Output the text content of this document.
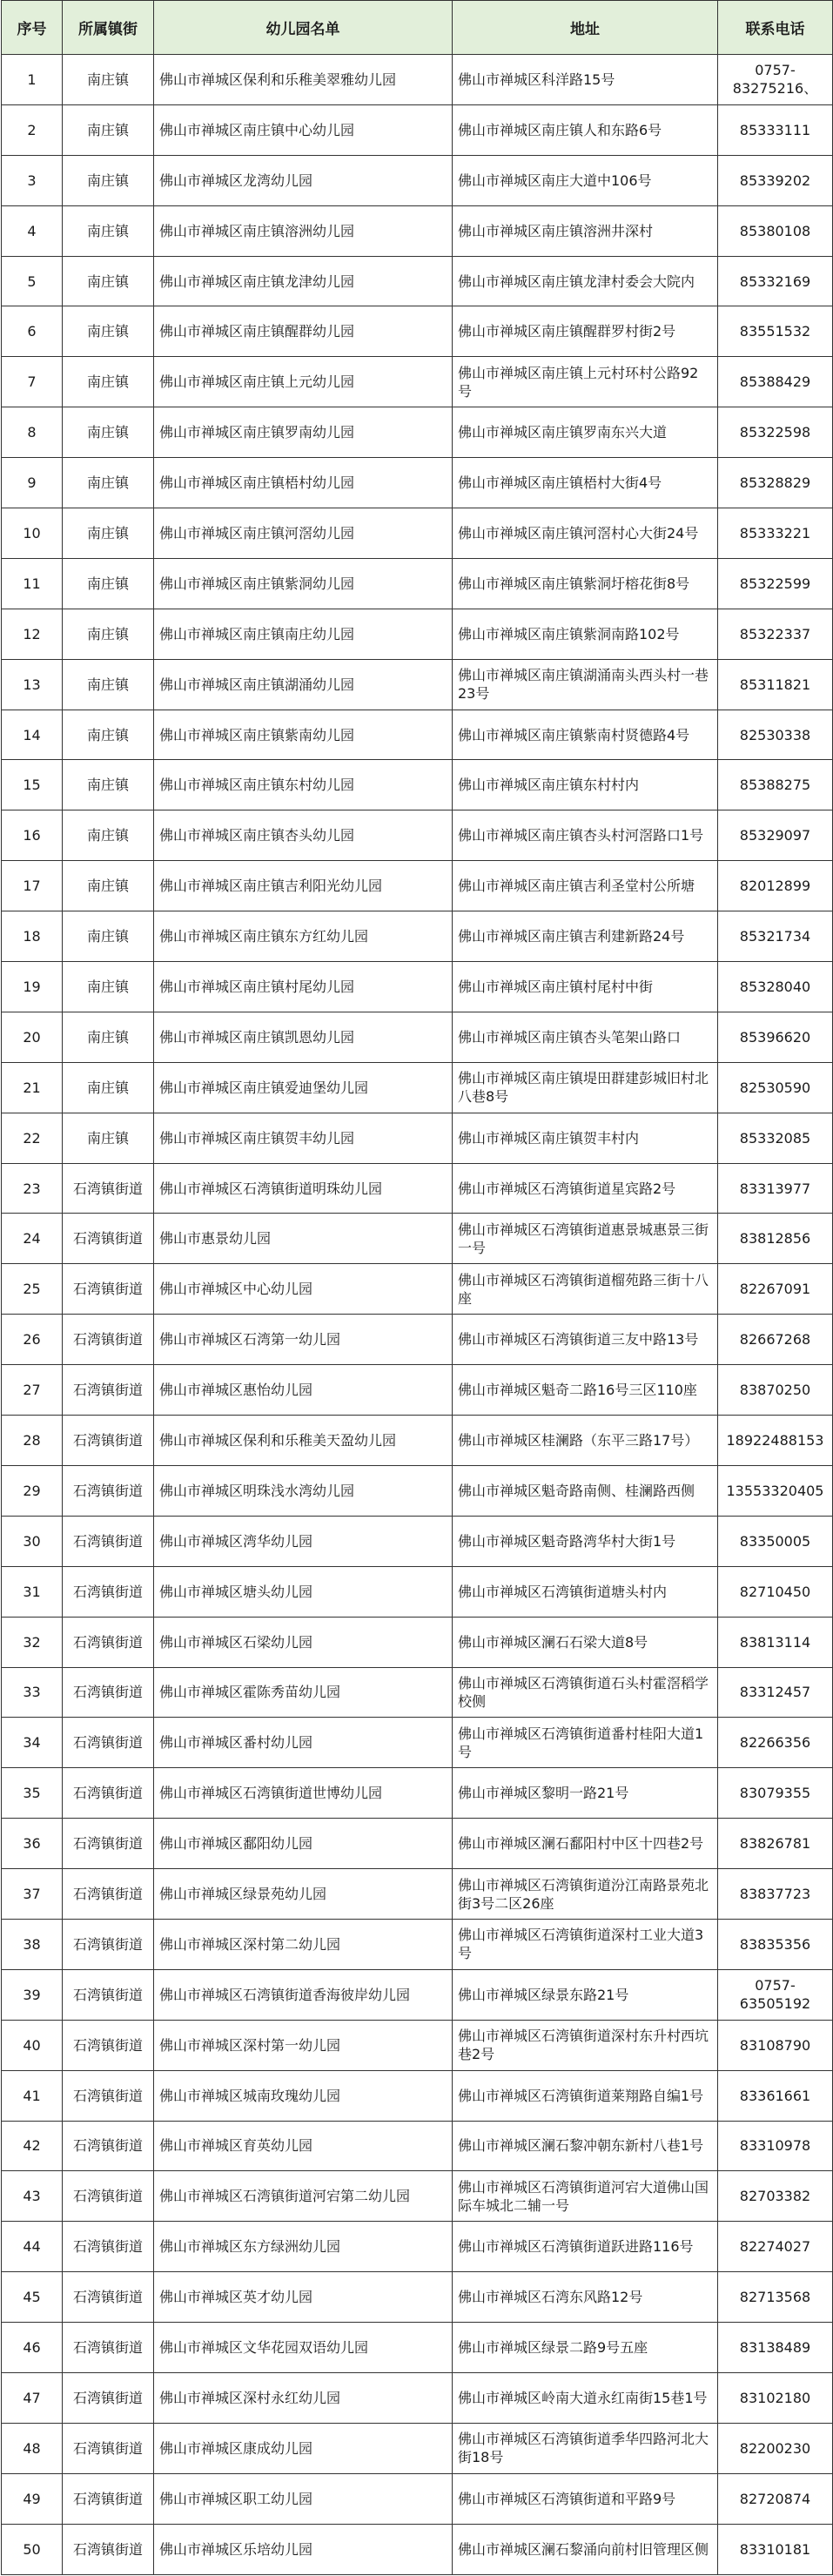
序号	所属镇街	幼儿园名单	地址	联系电话
1	南庄镇	佛山市禅城区保利和乐稚美翠雅幼儿园	佛山市禅城区科洋路15号	0757-83275216、
2	南庄镇	佛山市禅城区南庄镇中心幼儿园	佛山市禅城区南庄镇人和东路6号	85333111
3	南庄镇	佛山市禅城区龙湾幼儿园	佛山市禅城区南庄大道中106号	85339202
4	南庄镇	佛山市禅城区南庄镇溶洲幼儿园	佛山市禅城区南庄镇溶洲井深村	85380108
5	南庄镇	佛山市禅城区南庄镇龙津幼儿园	佛山市禅城区南庄镇龙津村委会大院内	85332169
6	南庄镇	佛山市禅城区南庄镇醒群幼儿园	佛山市禅城区南庄镇醒群罗村街2号	83551532
7	南庄镇	佛山市禅城区南庄镇上元幼儿园	佛山市禅城区南庄镇上元村环村公路92号	85388429
8	南庄镇	佛山市禅城区南庄镇罗南幼儿园	佛山市禅城区南庄镇罗南东兴大道	85322598
9	南庄镇	佛山市禅城区南庄镇梧村幼儿园	佛山市禅城区南庄镇梧村大街4号	85328829
10	南庄镇	佛山市禅城区南庄镇河滘幼儿园	佛山市禅城区南庄镇河滘村心大街24号	85333221
11	南庄镇	佛山市禅城区南庄镇紫洞幼儿园	佛山市禅城区南庄镇紫洞圩榕花街8号	85322599
12	南庄镇	佛山市禅城区南庄镇南庄幼儿园	佛山市禅城区南庄镇紫洞南路102号	85322337
13	南庄镇	佛山市禅城区南庄镇湖涌幼儿园	佛山市禅城区南庄镇湖涌南头西头村一巷23号	85311821
14	南庄镇	佛山市禅城区南庄镇紫南幼儿园	佛山市禅城区南庄镇紫南村贤德路4号	82530338
15	南庄镇	佛山市禅城区南庄镇东村幼儿园	佛山市禅城区南庄镇东村村内	85388275
16	南庄镇	佛山市禅城区南庄镇杏头幼儿园	佛山市禅城区南庄镇杏头村河滘路口1号	85329097
17	南庄镇	佛山市禅城区南庄镇吉利阳光幼儿园	佛山市禅城区南庄镇吉利圣堂村公所塘	82012899
18	南庄镇	佛山市禅城区南庄镇东方红幼儿园	佛山市禅城区南庄镇吉利建新路24号	85321734
19	南庄镇	佛山市禅城区南庄镇村尾幼儿园	佛山市禅城区南庄镇村尾村中街	85328040
20	南庄镇	佛山市禅城区南庄镇凯恩幼儿园	佛山市禅城区南庄镇杏头笔架山路口	85396620
21	南庄镇	佛山市禅城区南庄镇爱迪堡幼儿园	佛山市禅城区南庄镇堤田群建彭城旧村北八巷8号	82530590
22	南庄镇	佛山市禅城区南庄镇贺丰幼儿园	佛山市禅城区南庄镇贺丰村内	85332085
23	石湾镇街道	佛山市禅城区石湾镇街道明珠幼儿园	佛山市禅城区石湾镇街道星宾路2号	83313977
24	石湾镇街道	佛山市惠景幼儿园	佛山市禅城区石湾镇街道惠景城惠景三街一号	83812856
25	石湾镇街道	佛山市禅城区中心幼儿园	佛山市禅城区石湾镇街道榴苑路三街十八座	82267091
26	石湾镇街道	佛山市禅城区石湾第一幼儿园	佛山市禅城区石湾镇街道三友中路13号	82667268
27	石湾镇街道	佛山市禅城区惠怡幼儿园	佛山市禅城区魁奇二路16号三区110座	83870250
28	石湾镇街道	佛山市禅城区保利和乐稚美天盈幼儿园	佛山市禅城区桂澜路（东平三路17号）	18922488153
29	石湾镇街道	佛山市禅城区明珠浅水湾幼儿园	佛山市禅城区魁奇路南侧、桂澜路西侧	13553320405
30	石湾镇街道	佛山市禅城区湾华幼儿园	佛山市禅城区魁奇路湾华村大街1号	83350005
31	石湾镇街道	佛山市禅城区塘头幼儿园	佛山市禅城区石湾镇街道塘头村内	82710450
32	石湾镇街道	佛山市禅城区石梁幼儿园	佛山市禅城区澜石石梁大道8号	83813114
33	石湾镇街道	佛山市禅城区霍陈秀苗幼儿园	佛山市禅城区石湾镇街道石头村霍滘稻学校侧	83312457
34	石湾镇街道	佛山市禅城区番村幼儿园	佛山市禅城区石湾镇街道番村桂阳大道1号	82266356
35	石湾镇街道	佛山市禅城区石湾镇街道世博幼儿园	佛山市禅城区黎明一路21号	83079355
36	石湾镇街道	佛山市禅城区鄱阳幼儿园	佛山市禅城区澜石鄱阳村中区十四巷2号	83826781
37	石湾镇街道	佛山市禅城区绿景苑幼儿园	佛山市禅城区石湾镇街道汾江南路景苑北街3号二区26座	83837723
38	石湾镇街道	佛山市禅城区深村第二幼儿园	佛山市禅城区石湾镇街道深村工业大道3号	83835356
39	石湾镇街道	佛山市禅城区石湾镇街道香海彼岸幼儿园	佛山市禅城区绿景东路21号	0757-63505192
40	石湾镇街道	佛山市禅城区深村第一幼儿园	佛山市禅城区石湾镇街道深村东升村西坑巷2号	83108790
41	石湾镇街道	佛山市禅城区城南玫瑰幼儿园	佛山市禅城区石湾镇街道莱翔路自编1号	83361661
42	石湾镇街道	佛山市禅城区育英幼儿园	佛山市禅城区澜石黎冲朝东新村八巷1号	83310978
43	石湾镇街道	佛山市禅城区石湾镇街道河宕第二幼儿园	佛山市禅城区石湾镇街道河宕大道佛山国际车城北二辅一号	82703382
44	石湾镇街道	佛山市禅城区东方绿洲幼儿园	佛山市禅城区石湾镇街道跃进路116号	82274027
45	石湾镇街道	佛山市禅城区英才幼儿园	佛山市禅城区石湾东风路12号	82713568
46	石湾镇街道	佛山市禅城区文华花园双语幼儿园	佛山市禅城区绿景二路9号五座	83138489
47	石湾镇街道	佛山市禅城区深村永红幼儿园	佛山市禅城区岭南大道永红南街15巷1号	83102180
48	石湾镇街道	佛山市禅城区康成幼儿园	佛山市禅城区石湾镇街道季华四路河北大街18号	82200230
49	石湾镇街道	佛山市禅城区职工幼儿园	佛山市禅城区石湾镇街道和平路9号	82720874
50	石湾镇街道	佛山市禅城区乐培幼儿园	佛山市禅城区澜石黎涌向前村旧管理区侧	83310181
